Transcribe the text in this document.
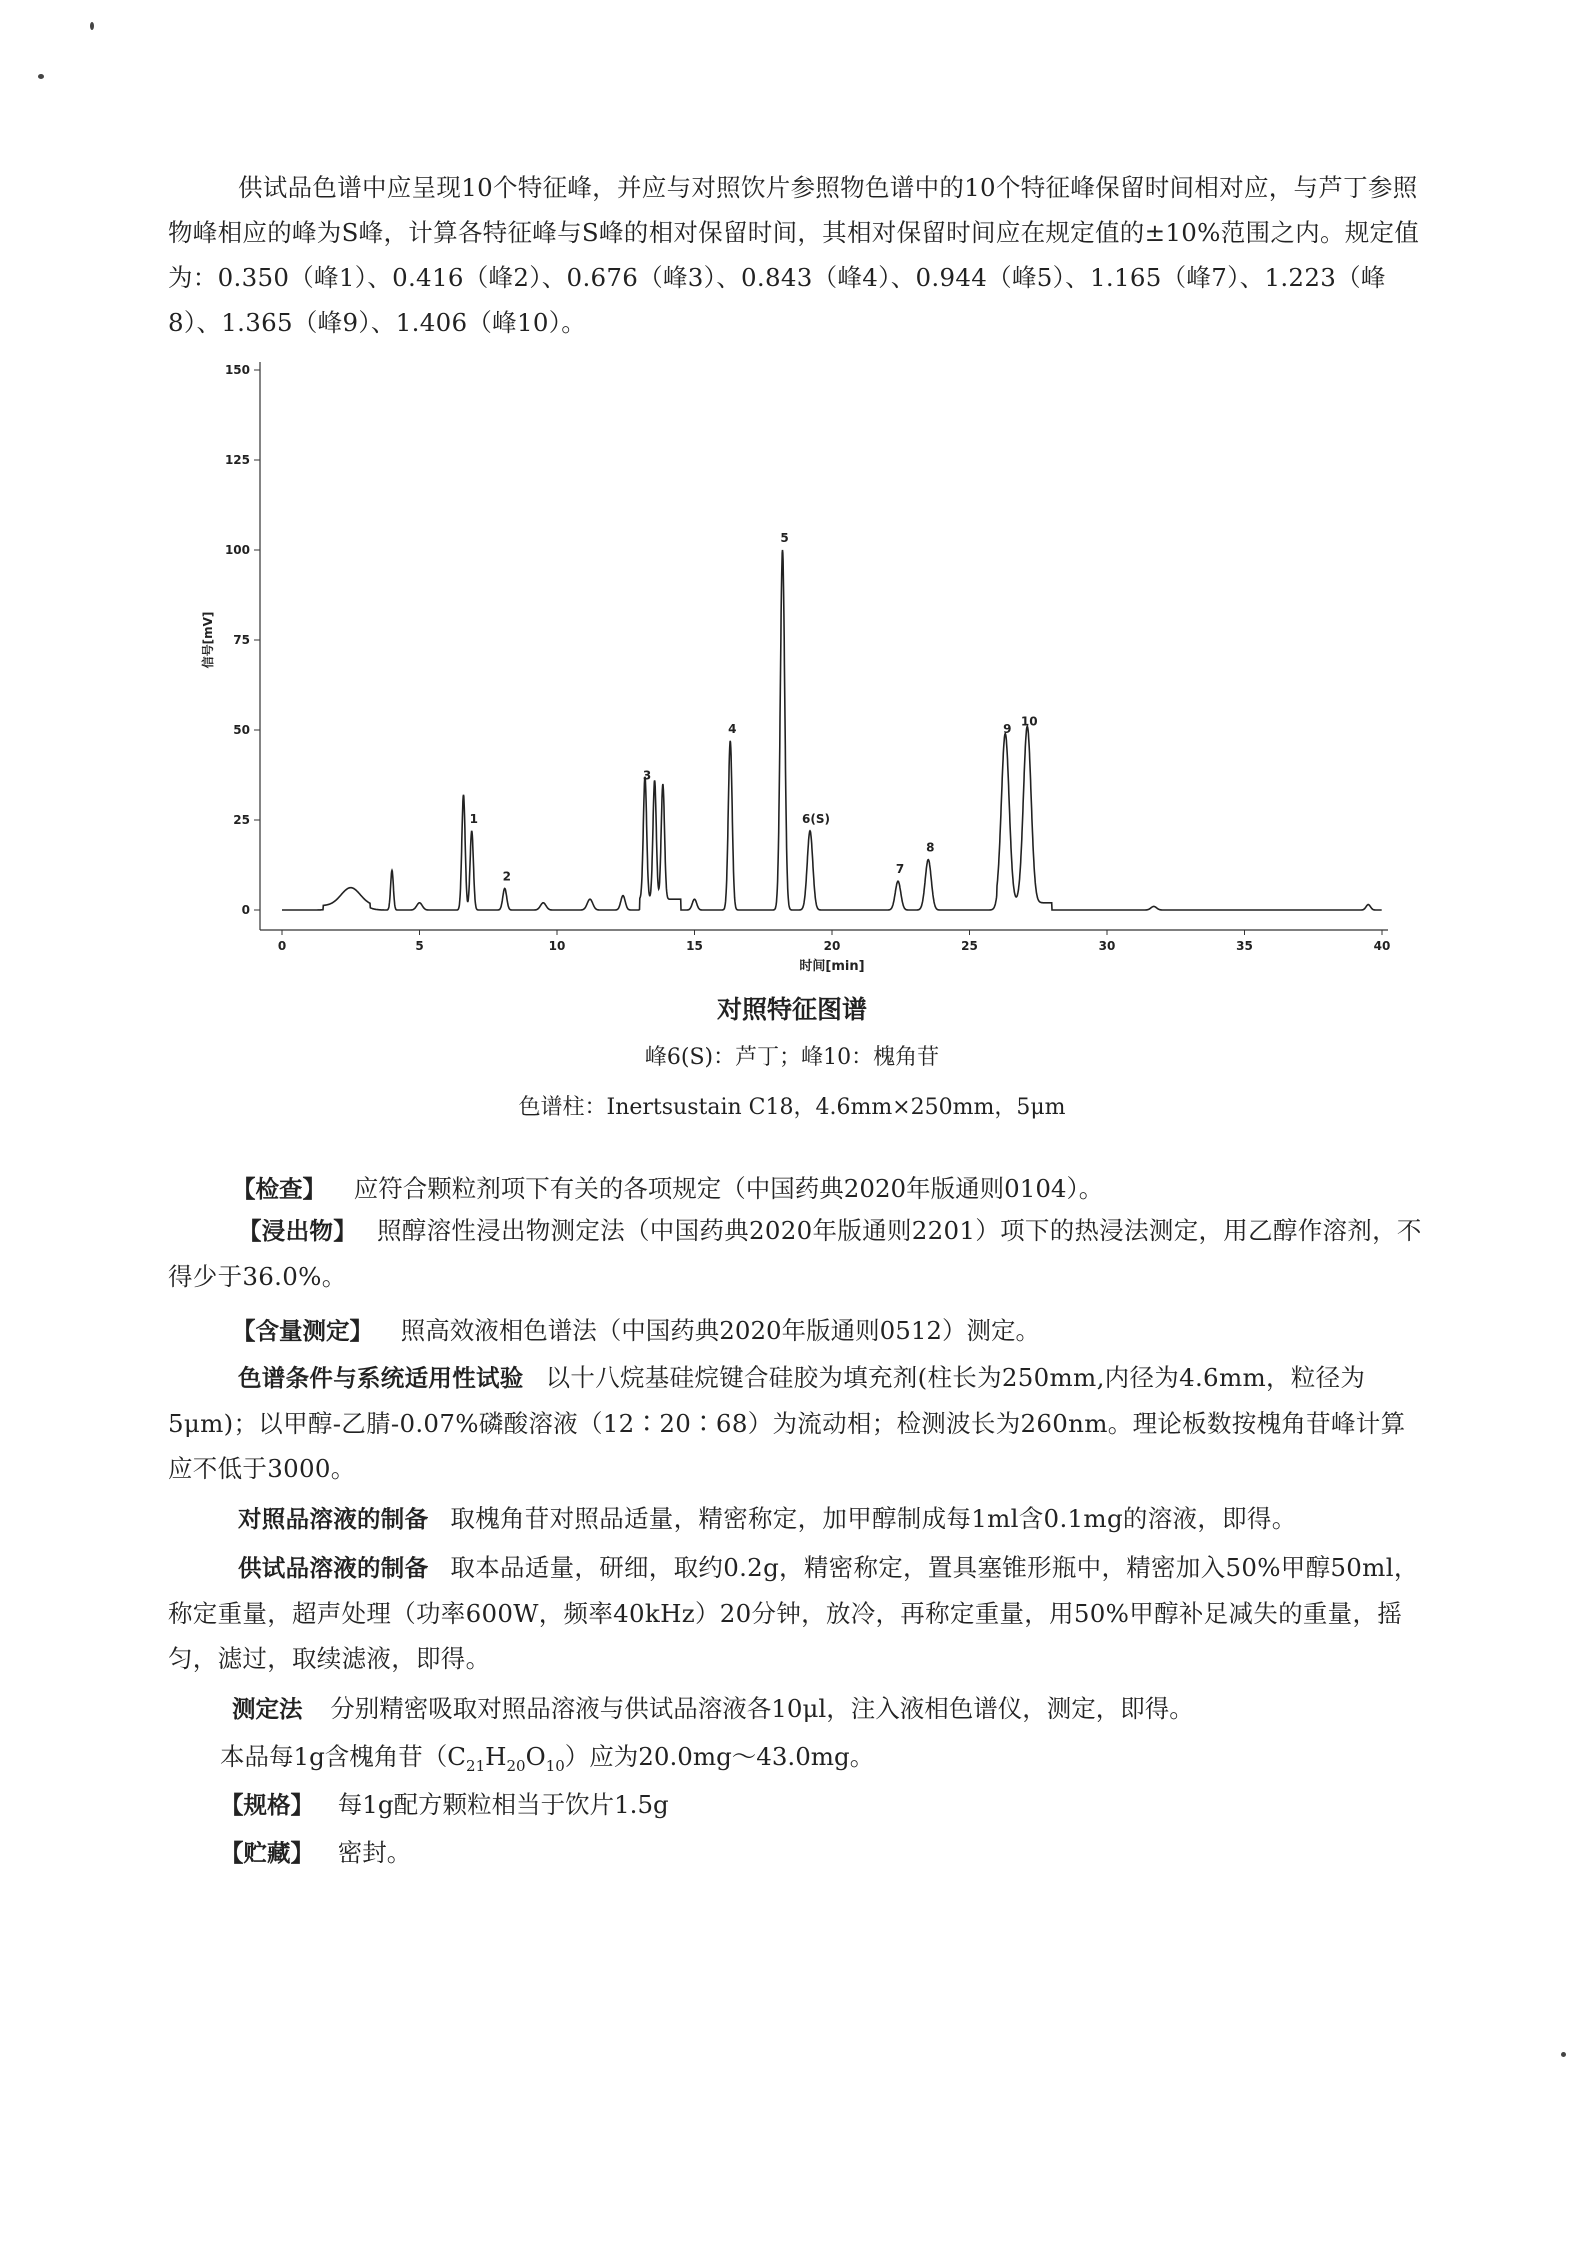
供试品色谱中应呈现10个特征峰，并应与对照饮片参照物色谱中的10个特征峰保留时间相对应，与芦丁参照物峰相应的峰为S峰，计算各特征峰与S峰的相对保留时间，其相对保留时间应在规定值的±10%范围之内。规定值为：0.350（峰1）、0.416（峰2）、0.676（峰3）、0.843（峰4）、0.944（峰5）、1.165（峰7）、1.223（峰8）、1.365（峰9）、1.406（峰10）。
0
25
50
75
100
125
150
0	5	10	15	20	25	30	35	40
1
2
3
4
5
6(S)
7
8
9
10
时间[min]
信号[mV]
对照特征图谱
峰6(S)：芦丁；峰10：槐角苷
色谱柱：Inertsustain C18，4.6mm×250mm，5μm
【检查】 应符合颗粒剂项下有关的各项规定（中国药典2020年版通则0104）。
【浸出物】 照醇溶性浸出物测定法（中国药典2020年版通则2201）项下的热浸法测定，用乙醇作溶剂，不得少于36.0%。
【含量测定】 照高效液相色谱法（中国药典2020年版通则0512）测定。
色谱条件与系统适用性试验 以十八烷基硅烷键合硅胶为填充剂(柱长为250mm,内径为4.6mm，粒径为5μm)；以甲醇-乙腈-0.07%磷酸溶液（12∶20∶68）为流动相；检测波长为260nm。理论板数按槐角苷峰计算应不低于3000。
对照品溶液的制备 取槐角苷对照品适量，精密称定，加甲醇制成每1ml含0.1mg的溶液，即得。
供试品溶液的制备 取本品适量，研细，取约0.2g，精密称定，置具塞锥形瓶中，精密加入50%甲醇50ml，称定重量，超声处理（功率600W，频率40kHz）20分钟，放冷，再称定重量，用50%甲醇补足减失的重量，摇匀，滤过，取续滤液，即得。
测定法 分别精密吸取对照品溶液与供试品溶液各10μl，注入液相色谱仪，测定，即得。
本品每1g含槐角苷$(C_{21}H_{20}O_{10})$应为20.0mg～43.0mg。
【规格】 每1g配方颗粒相当于饮片1.5g
【贮藏】 密封。
